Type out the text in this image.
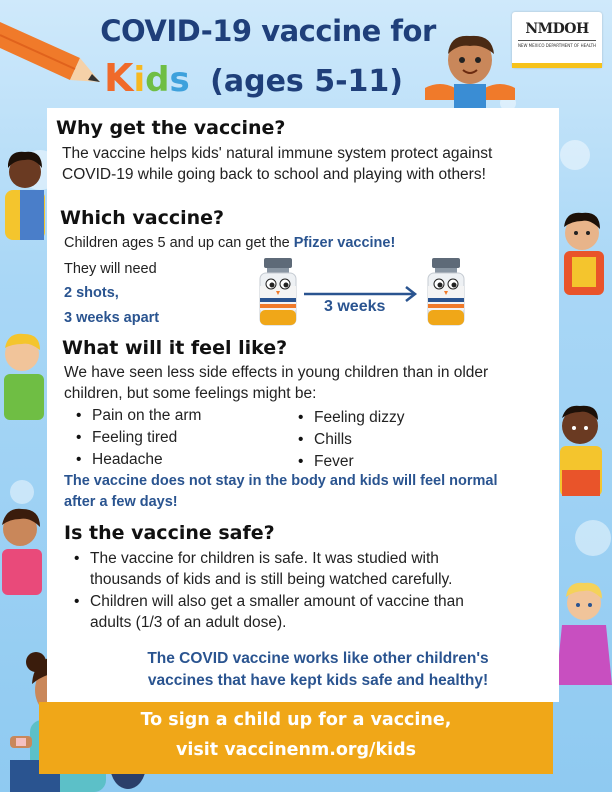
COVID-19 vaccine for
Kids (ages 5-11)
NMDOH
NEW MEXICO DEPARTMENT OF HEALTH
Why get the vaccine?
The vaccine helps kids' natural immune system protect against COVID-19 while going back to school and playing with others!
Which vaccine?
Children ages 5 and up can get the Pfizer vaccine!
They will need
2 shots,
3 weeks apart
3 weeks
What will it feel like?
We have seen less side effects in young children than in older children, but some feelings might be:
• Pain on the arm
• Feeling tired
• Headache
• Feeling dizzy
• Chills
• Fever
The vaccine does not stay in the body and kids will feel normal after a few days!
Is the vaccine safe?
• The vaccine for children is safe. It was studied with thousands of kids and is still being watched carefully.
• Children will also get a smaller amount of vaccine than adults (1/3 of an adult dose).
The COVID vaccine works like other children's
vaccines that have kept kids safe and healthy!
To sign a child up for a vaccine,
visit vaccinenm.org/kids
